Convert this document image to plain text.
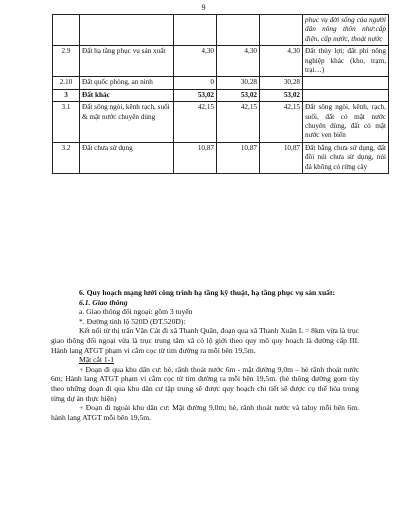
9
					phục vụ đời sống của người dân nông thôn như:cấp điện, cấp nước, thoát nước
2.9	Đất hạ tầng phục vụ sản xuất	4,30	4,30	4,30	Đất thủy lợi; đất phi nông nghiệp khác (kho, trạm, trại…)
2.10	Đất quốc phòng, an ninh	0	30,28	30,28	
3	Đất khác	53,02	53,02	53,02	
3.1	Đất sông ngòi, kênh rạch, suối & mặt nước chuyên dùng	42,15	42,15	42,15	Đất sông ngòi, kênh, rạch, suối, đất có mặt nước chuyên dùng, đất có mặt nước ven biển
3.2	Đất chưa sử dụng	10,87	10,87	10,87	Đất bằng chưa sử dụng, đất đồi núi chưa sử dụng, núi đá không có rừng cây

6. Quy hoạch mạng lưới công trình hạ tầng kỹ thuật, hạ tầng phục vụ sản xuất:

6.1. Giao thông

a. Giao thông đối ngoại: gồm 3 tuyến

*. Đường tỉnh lộ 520D (ĐT.520D):

Kết nối từ thị trấn Vân Cát đi xã Thanh Quân, đoạn qua xã Thanh Xuân L = 8km vừa là trục giao thông đối ngoại vừa là trục trung tâm xã có lộ giới theo quy mô quy hoạch là đường cấp III. Hành lang ATGT phạm vi cắm cọc từ tim đường ra mỗi bên 19,5m.

Mặt cắt 1-1

+ Đoạn đi qua khu dân cư: hè, rãnh thoát nước 6m - mặt đường 9,0m – hè rãnh thoát nước 6m; Hành lang ATGT phạm vi cắm cọc từ tim đường ra mỗi bên 19,5m. (hè thông đường gom tùy theo những đoạn đi qua khu dân cư tập trung sẽ được quy hoạch chi tiết sẽ được cụ thể hóa trong từng dự án thực hiện)

+ Đoạn đi ngoài khu dân cư: Mặt đường 9,0m; hè, rãnh thoát nước và taluy mỗi bên 6m. hành lang ATGT mỗi bên 19,5m.
